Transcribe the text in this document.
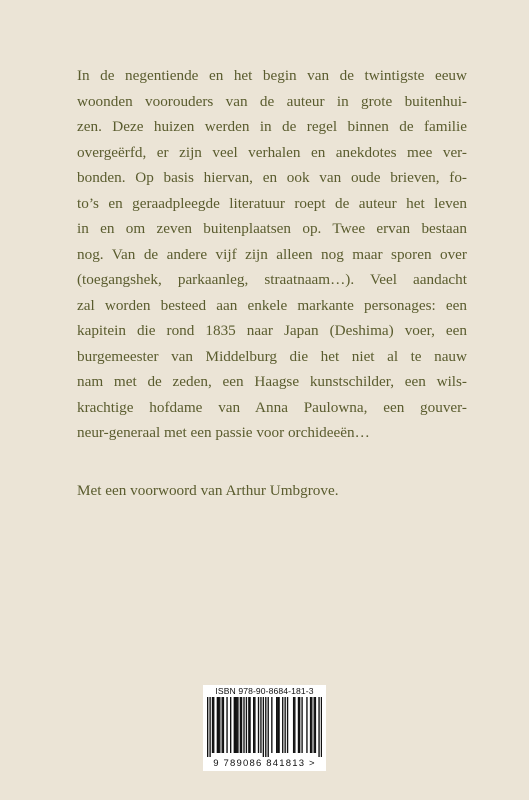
In de negentiende en het begin van de twintigste eeuw
woonden voorouders van de auteur in grote buitenhui-
zen. Deze huizen werden in de regel binnen de familie
overgeërfd, er zijn veel verhalen en anekdotes mee ver-
bonden. Op basis hiervan, en ook van oude brieven, fo-
to’s en geraadpleegde literatuur roept de auteur het leven
in en om zeven buitenplaatsen op. Twee ervan bestaan
nog. Van de andere vijf zijn alleen nog maar sporen over
(toegangshek, parkaanleg, straatnaam…). Veel aandacht
zal worden besteed aan enkele markante personages: een
kapitein die rond 1835 naar Japan (Deshima) voer, een
burgemeester van Middelburg die het niet al te nauw
nam met de zeden, een Haagse kunstschilder, een wils-
krachtige hofdame van Anna Paulowna, een gouver-
neur-generaal met een passie voor orchideeën…
Met een voorwoord van Arthur Umbgrove.
ISBN 978-90-8684-181-3
9 789086 841813 >
